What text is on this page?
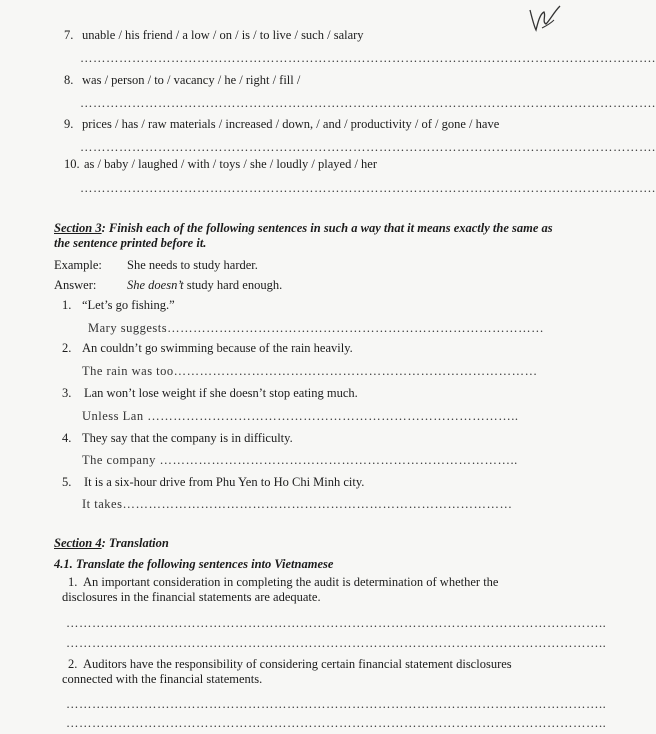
7. unable / his friend / a low / on / is / to live / such / salary
…………………………………………………………………………………………………………………….
8. was / person / to / vacancy / he / right / fill /
…………………………………………………………………………………………………………………….
9. prices / has / raw materials / increased / down, / and / productivity / of / gone / have
…………………………………………………………………………………………………………………….
10. as / baby / laughed / with / toys / she / loudly / played / her
…………………………………………………………………………………………………………………….
Section 3: Finish each of the following sentences in such a way that it means exactly the same as the sentence printed before it.
Example: She needs to study harder.
Answer: She doesn’t study hard enough.
1. “Let’s go fishing.”
Mary suggests……………………………………………………………………………
2. An couldn’t go swimming because of the rain heavily.
The rain was too…………………………………………………………………………
3. Lan won’t lose weight if she doesn’t stop eating much.
Unless Lan …………………………………………………………………………..
4. They say that the company is in difficulty.
The company ………………………………………………………………………..
5. It is a six-hour drive from Phu Yen to Ho Chi Minh city.
It takes………………………………………………………………………………
Section 4: Translation
4.1. Translate the following sentences into Vietnamese
1. An important consideration in completing the audit is determination of whether the disclosures in the financial statements are adequate.
……………………………………………………………………………………………………………..
……………………………………………………………………………………………………………..
2. Auditors have the responsibility of considering certain financial statement disclosures connected with the financial statements.
……………………………………………………………………………………………………………..
……………………………………………………………………………………………………………..
